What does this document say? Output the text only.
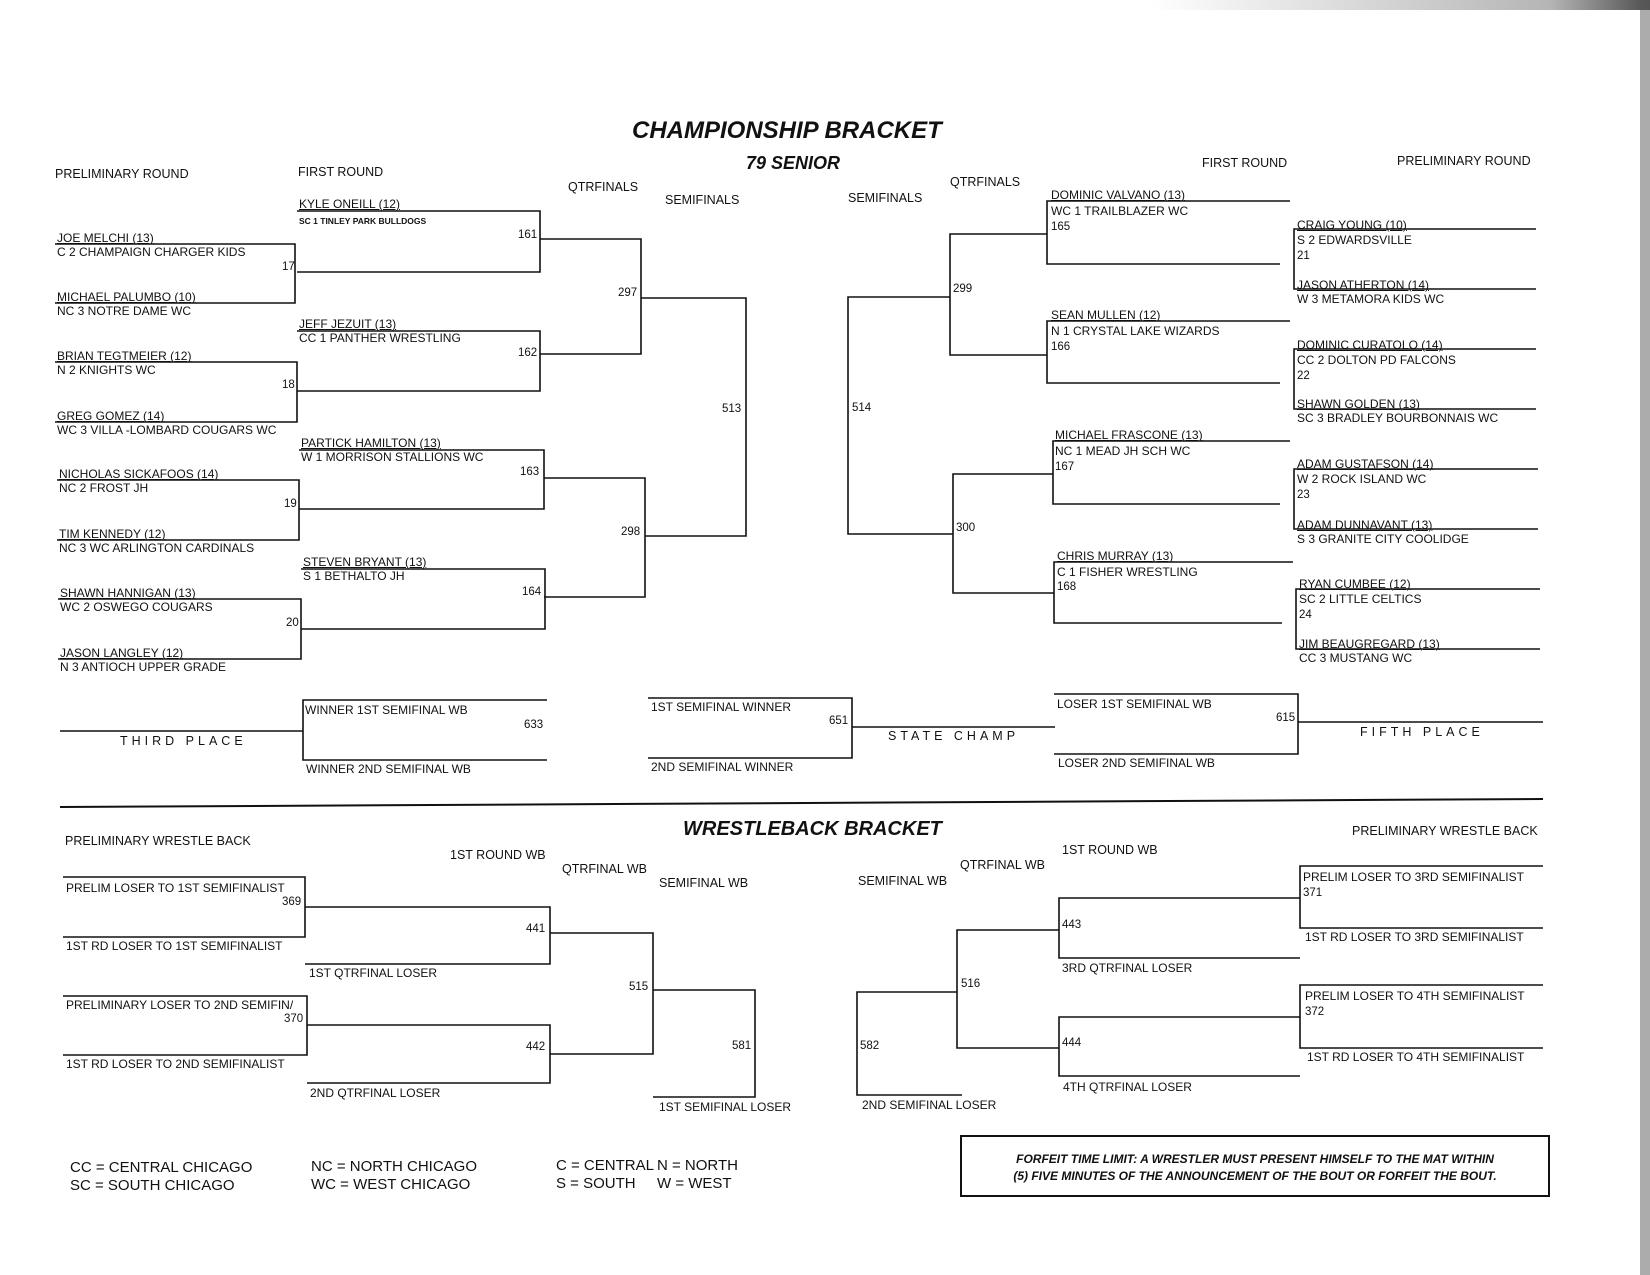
CHAMPIONSHIP BRACKET
79 SENIOR
PRELIMINARY ROUND	FIRST ROUND
QTRFINALS
SEMIFINALS	SEMIFINALS
QTRFINALS
FIRST ROUND	PRELIMINARY ROUND
KYLE ONEILL (12)
SC 1 TINLEY PARK BULLDOGS
161
JEFF JEZUIT (13)
CC 1 PANTHER WRESTLING
162
PARTICK HAMILTON (13)
W 1 MORRISON STALLIONS WC
163
STEVEN BRYANT (13)
S 1 BETHALTO JH
164
JOE MELCHI (13)
C 2 CHAMPAIGN CHARGER KIDS
17
MICHAEL PALUMBO (10)
NC 3 NOTRE DAME WC
BRIAN TEGTMEIER (12)
N 2 KNIGHTS WC
18
GREG GOMEZ (14)
WC 3 VILLA -LOMBARD COUGARS WC
NICHOLAS SICKAFOOS (14)
NC 2 FROST JH
19
TIM KENNEDY (12)
NC 3 WC ARLINGTON CARDINALS
SHAWN HANNIGAN (13)
WC 2 OSWEGO COUGARS
20
JASON LANGLEY (12)
N 3 ANTIOCH UPPER GRADE
297
298
513	514
299
300
DOMINIC VALVANO (13)
WC 1 TRAILBLAZER WC
165
SEAN MULLEN (12)
N 1 CRYSTAL LAKE WIZARDS
166
MICHAEL FRASCONE (13)
NC 1 MEAD JH SCH WC
167
CHRIS MURRAY (13)
C 1 FISHER WRESTLING
168
CRAIG YOUNG (10)
S 2 EDWARDSVILLE
21
JASON ATHERTON (14)
W 3 METAMORA KIDS WC
DOMINIC CURATOLO (14)
CC 2 DOLTON PD FALCONS
22
SHAWN GOLDEN (13)
SC 3 BRADLEY BOURBONNAIS WC
ADAM GUSTAFSON (14)
W 2 ROCK ISLAND WC
23
ADAM DUNNAVANT (13)
S 3 GRANITE CITY COOLIDGE
RYAN CUMBEE (12)
SC 2 LITTLE CELTICS
24
JIM BEAUGREGARD (13)
CC 3 MUSTANG WC
THIRD PLACE
WINNER 1ST SEMIFINAL WB
633
WINNER 2ND SEMIFINAL WB
1ST SEMIFINAL WINNER
651
2ND SEMIFINAL WINNER
STATE CHAMP
LOSER 1ST SEMIFINAL WB
615
LOSER 2ND SEMIFINAL WB
FIFTH PLACE
WRESTLEBACK BRACKET
PRELIMINARY WRESTLE BACK
1ST ROUND WB
QTRFINAL WB
SEMIFINAL WB	SEMIFINAL WB
QTRFINAL WB
1ST ROUND WB
PRELIMINARY WRESTLE BACK
PRELIM LOSER TO 1ST SEMIFINALIST
369
1ST RD LOSER TO 1ST SEMIFINALIST
441
1ST QTRFINAL LOSER
PRELIMINARY LOSER TO 2ND SEMIFIN/
370
1ST RD LOSER TO 2ND SEMIFINALIST
442
2ND QTRFINAL LOSER
515
581
1ST SEMIFINAL LOSER
582
2ND SEMIFINAL LOSER
516
443
3RD QTRFINAL LOSER
444
4TH QTRFINAL LOSER
PRELIM LOSER TO 3RD SEMIFINALIST
371
1ST RD LOSER TO 3RD SEMIFINALIST
PRELIM LOSER TO 4TH SEMIFINALIST
372
1ST RD LOSER TO 4TH SEMIFINALIST
CC = CENTRAL CHICAGO
SC = SOUTH CHICAGO
NC = NORTH CHICAGO
WC = WEST CHICAGO
C = CENTRAL
S = SOUTH
N = NORTH
W = WEST
FORFEIT TIME LIMIT: A WRESTLER MUST PRESENT HIMSELF TO THE MAT WITHIN
(5) FIVE MINUTES OF THE ANNOUNCEMENT OF THE BOUT OR FORFEIT THE BOUT.
